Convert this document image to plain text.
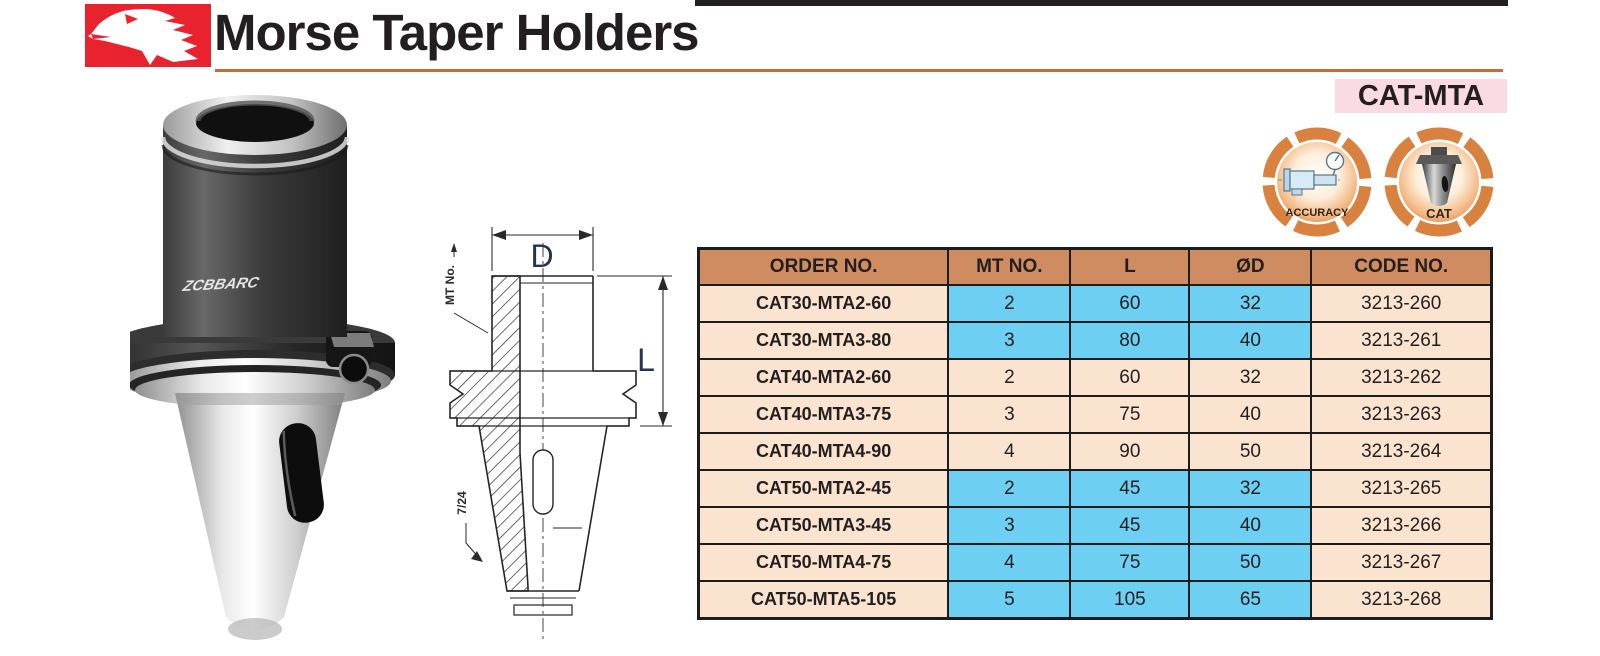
Morse Taper Holders
CAT-MTA
ACCURACY	CAT
ZCBBARC
D
L
MT No.
7/24
ORDER NO.	MT NO.	L	ØD	CODE NO.
CAT30-MTA2-60	2	60	32	3213-260
CAT30-MTA3-80	3	80	40	3213-261
CAT40-MTA2-60	2	60	32	3213-262
CAT40-MTA3-75	3	75	40	3213-263
CAT40-MTA4-90	4	90	50	3213-264
CAT50-MTA2-45	2	45	32	3213-265
CAT50-MTA3-45	3	45	40	3213-266
CAT50-MTA4-75	4	75	50	3213-267
CAT50-MTA5-105	5	105	65	3213-268
